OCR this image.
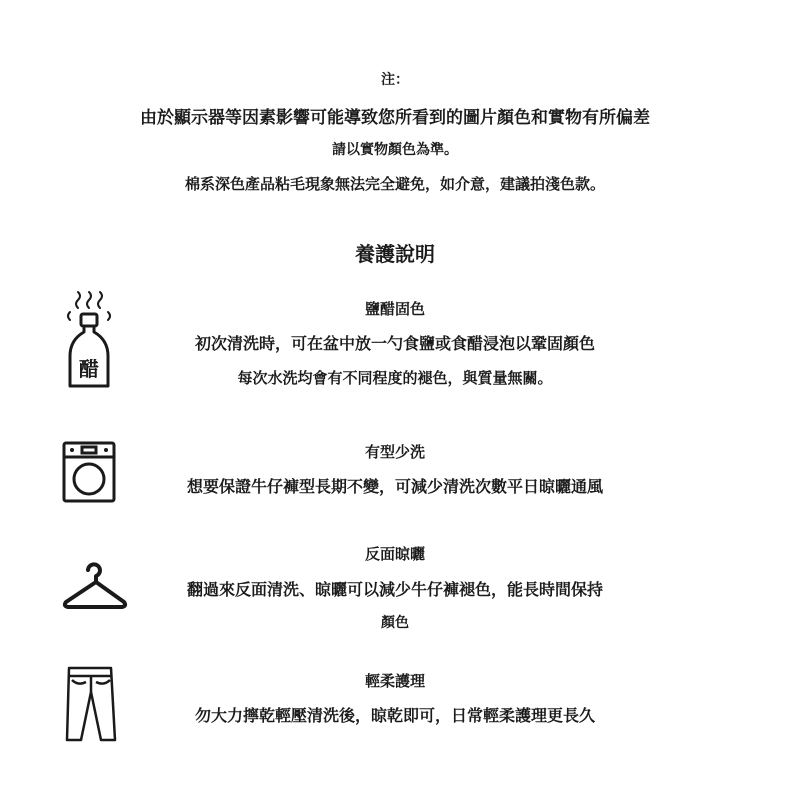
注：
由於顯示器等因素影響可能導致您所看到的圖片顏色和實物有所偏差
請以實物顏色為準。
棉系深色產品粘毛現象無法完全避免，如介意，建議拍淺色款。
養護說明
醋
鹽醋固色
初次清洗時，可在盆中放一勺食鹽或食醋浸泡以鞏固顏色
每次水洗均會有不同程度的褪色，與質量無關。
有型少洗
想要保證牛仔褲型長期不變，可減少清洗次數平日晾曬通風
反面晾曬
翻過來反面清洗、晾曬可以減少牛仔褲褪色，能長時間保持
顏色
輕柔護理
勿大力擰乾輕壓清洗後，晾乾即可，日常輕柔護理更長久
